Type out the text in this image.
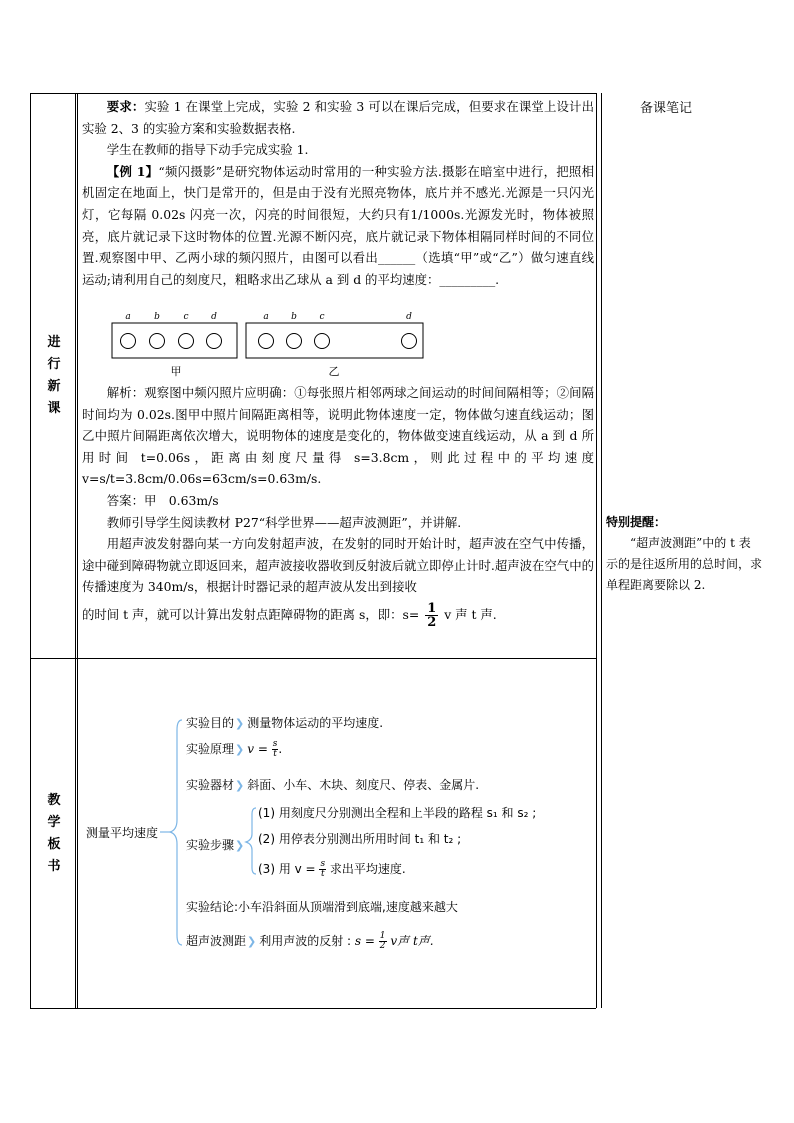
备课笔记
进
行
新
课
教
学
板
书

要求：实验 1 在课堂上完成，实验 2 和实验 3 可以在课后完成，但要求在课堂上设计出实验 2、3 的实验方案和实验数据表格.

学生在教师的指导下动手完成实验 1.

【例 1】“频闪摄影”是研究物体运动时常用的一种实验方法.摄影在暗室中进行，把照相机固定在地面上，快门是常开的，但是由于没有光照亮物体，底片并不感光.光源是一只闪光灯，它每隔 0.02s 闪亮一次，闪亮的时间很短，大约只有1/1000s.光源发光时，物体被照亮，底片就记录下这时物体的位置.光源不断闪亮，底片就记录下物体相隔同样时间的不同位置.观察图中甲、乙两小球的频闪照片，由图可以看出______（选填“甲”或“乙”）做匀速直线运动;请利用自己的刻度尺，粗略求出乙球从 a 到 d 的平均速度：_________.

a	b	c	d	a b	c	d
甲	乙

解析：观察图中频闪照片应明确：①每张照片相邻两球之间运动的时间间隔相等；②间隔时间均为 0.02s.图甲中照片间隔距离相等，说明此物体速度一定，物体做匀速直线运动；图乙中照片间隔距离依次增大，说明物体的速度是变化的，物体做变速直线运动，从 a 到 d 所用时间 t=0.06s，距离由刻度尺量得 s=3.8cm，则此过程中的平均速度 v=s/t=3.8cm/0.06s=63cm/s=0.63m/s.

答案：甲　0.63m/s

教师引导学生阅读教材 P27“科学世界——超声波测距”，并讲解.

用超声波发射器向某一方向发射超声波，在发射的同时开始计时，超声波在空气中传播，途中碰到障碍物就立即返回来，超声波接收器收到反射波后就立即停止计时.超声波在空气中的传播速度为 340m/s，根据计时器记录的超声波从发出到接收

的时间 t 声，就可以计算出发射点距障碍物的距离 s，即：$s= \frac{1}{2}$ v 声 t 声.

特别提醒：
“超声波测距”中的 t 表示的是往返所用的总时间，求单程距离要除以 2.
测量平均速度
实验目的❯ 测量物体运动的平均速度.
实验原理❯ $v = \frac{s}{t}$.
实验器材❯ 斜面、小车、木块、刻度尺、停表、金属片.
实验步骤❯
(1) 用刻度尺分别测出全程和上半段的路程 s₁ 和 s₂ ;
(2) 用停表分别测出所用时间 t₁ 和 t₂ ;
(3) 用 $v = \frac{s}{t}$ 求出平均速度.
实验结论:小车沿斜面从顶端滑到底端,速度越来越大
超声波测距❯ 利用声波的反射 : $s = \frac{1}{2}$ v声 t声.
